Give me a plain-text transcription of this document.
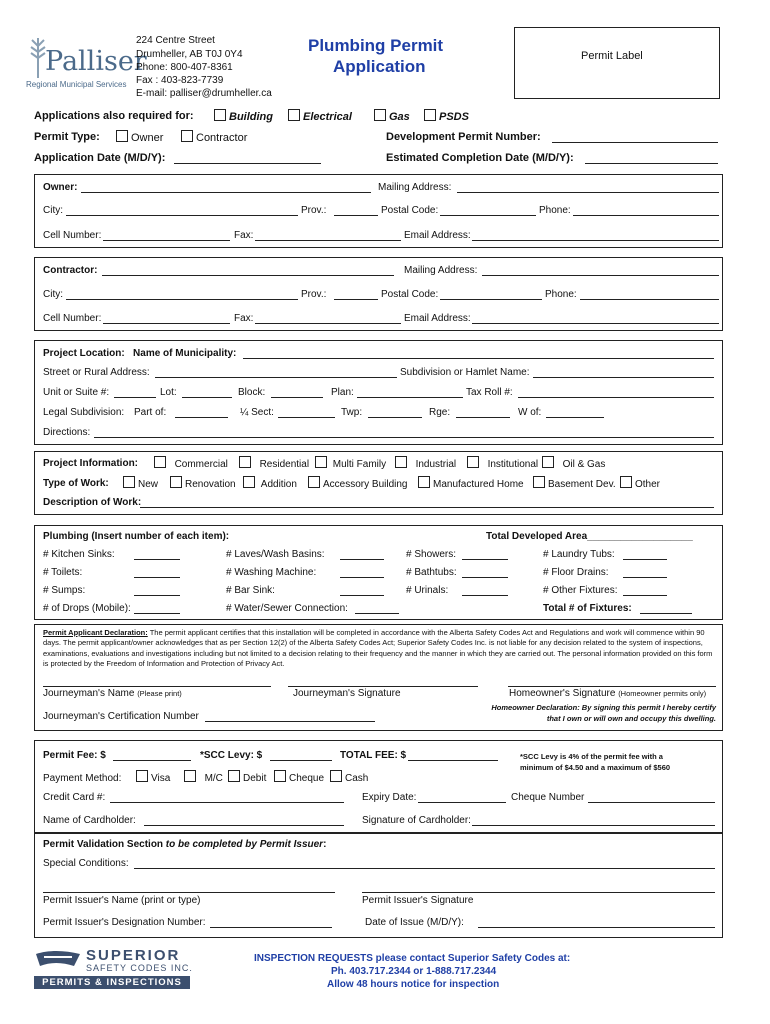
Palliser
Regional Municipal Services
224 Centre Street
Drumheller, AB T0J 0Y4
Phone: 800-407-8361
Fax : 403-823-7739
E-mail: palliser@drumheller.ca
Plumbing Permit
Application
Permit Label
Applications also required for:	Building	Electrical	Gas	PSDS
Permit Type:	Owner	Contractor	Development Permit Number:
Application Date (M/D/Y):	Estimated Completion Date (M/D/Y):
Owner:	Mailing Address:
City:	Prov.:	Postal Code:	Phone:
Cell Number:	Fax:	Email Address:
Contractor:	Mailing Address:
City:	Prov.:	Postal Code:	Phone:
Cell Number:	Fax:	Email Address:
Project Location: Name of Municipality:
Street or Rural Address:	Subdivision or Hamlet Name:
Unit or Suite #:	Lot:	Block:	Plan:	Tax Roll #:
Legal Subdivision: Part of:	¼ Sect:	Twp:	Rge:	W of:
Directions:
Project Information:	Commercial	Residential	Multi Family	Industrial	Institutional	Oil & Gas
Type of Work:	New	Renovation	Addition	Accessory Building	Manufactured Home	Basement Dev.	Other
Description of Work:
Plumbing (Insert number of each item):	Total Developed Area___________________
# Kitchen Sinks:	# Laves/Wash Basins:	# Showers:	# Laundry Tubs:
# Toilets:	# Washing Machine:	# Bathtubs:	# Floor Drains:
# Sumps:	# Bar Sink:	# Urinals:	# Other Fixtures:
# of Drops (Mobile):	# Water/Sewer Connection:	Total # of Fixtures:
Permit Applicant Declaration: The permit applicant certifies that this installation will be completed in accordance with the Alberta Safety Codes Act and Regulations and work will commence within 90 days. The permit applicant/owner acknowledges that as per Section 12(2) of the Alberta Safety Codes Act; Superior Safety Codes Inc. is not liable for any decision related to the system of inspections, examinations, evaluations and investigations including but not limited to a decision relating to their frequency and the manner in which they are carried out. The personal information provided on this form is protected by the Freedom of Information and Protection of Privacy Act.
Journeyman's Name (Please print)	Journeyman's Signature	Homeowner's Signature (Homeowner permits only)
Journeyman's Certification Number
Homeowner Declaration: By signing this permit I hereby certify that I own or will own and occupy this dwelling.
Permit Fee: $	*SCC Levy: $	TOTAL FEE: $	*SCC Levy is 4% of the permit fee with a minimum of $4.50 and a maximum of $560
Payment Method:	Visa	M/C	Debit	Cheque	Cash
Credit Card #:	Expiry Date:	Cheque Number
Name of Cardholder:	Signature of Cardholder:
Permit Validation Section to be completed by Permit Issuer:
Special Conditions:
Permit Issuer's Name (print or type)	Permit Issuer's Signature
Permit Issuer's Designation Number:	Date of Issue (M/D/Y):
SUPERIOR
SAFETY CODES INC.
PERMITS & INSPECTIONS
INSPECTION REQUESTS please contact Superior Safety Codes at:
Ph. 403.717.2344 or 1-888.717.2344
Allow 48 hours notice for inspection
